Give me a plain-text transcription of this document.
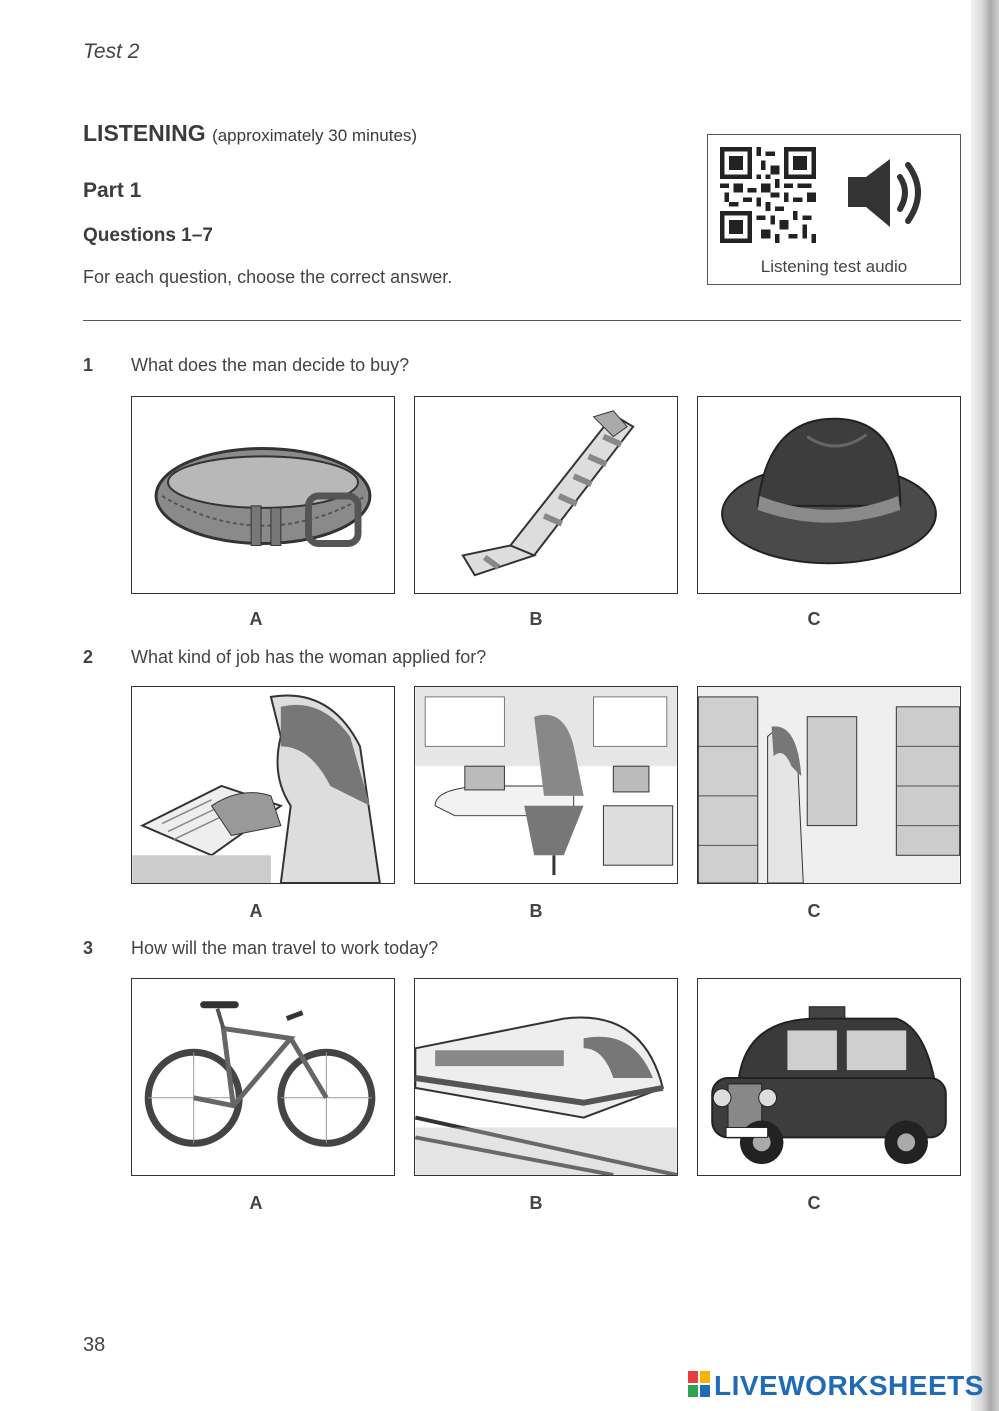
Test 2
LISTENING (approximately 30 minutes)
Part 1
Questions 1–7
For each question, choose the correct answer.
Listening test audio
1 What does the man decide to buy?
A	B	C
2 What kind of job has the woman applied for?
A	B	C
3 How will the man travel to work today?
A	B	C
38
LIVEWORKSHEETS
